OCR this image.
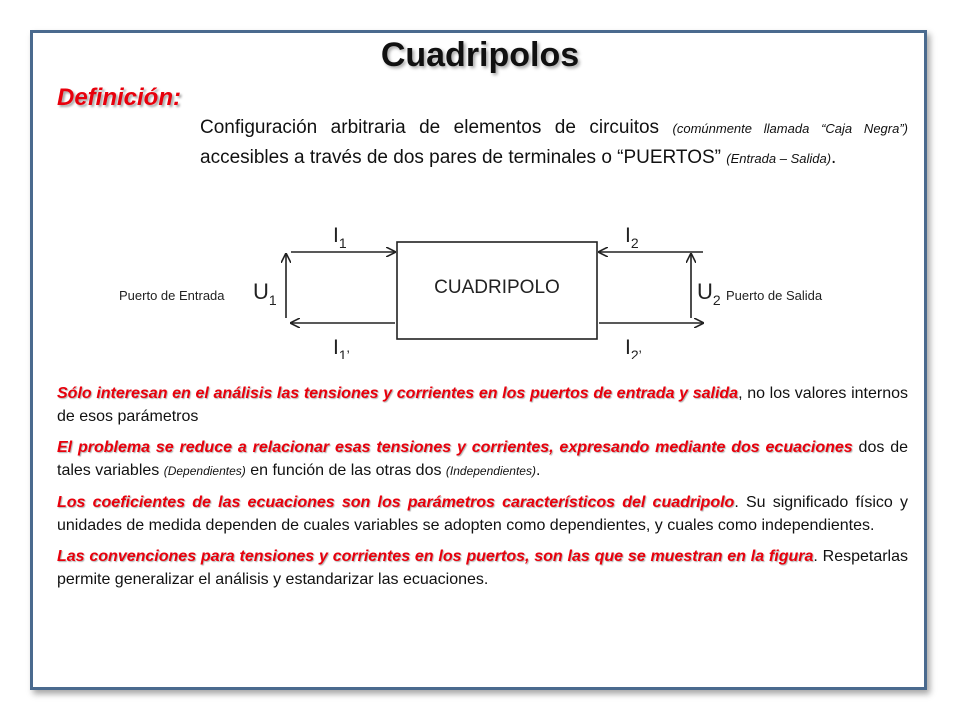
Cuadripolos
Definición:
Configuración arbitraria de elementos de circuitos (comúnmente llamada “Caja Negra”) accesibles a través de dos pares de terminales o “PUERTOS” (Entrada – Salida).
CUADRIPOLO
$I_1$
$I_{1’}$
$I_2$
$I_{2’}$
Puerto de Entrada $U_1$	$U_2$ Puerto de Salida

Sólo interesan en el análisis las tensiones y corrientes en los puertos de entrada y salida, no los valores internos de esos parámetros

El problema se reduce a relacionar esas tensiones y corrientes, expresando mediante dos ecuaciones dos de tales variables (Dependientes) en función de las otras dos (Independientes).

Los coeficientes de las ecuaciones son los parámetros característicos del cuadripolo. Su significado físico y unidades de medida dependen de cuales variables se adopten como dependientes, y cuales como independientes.

Las convenciones para tensiones y corrientes en los puertos, son las que se muestran en la figura. Respetarlas permite generalizar el análisis y estandarizar las ecuaciones.
